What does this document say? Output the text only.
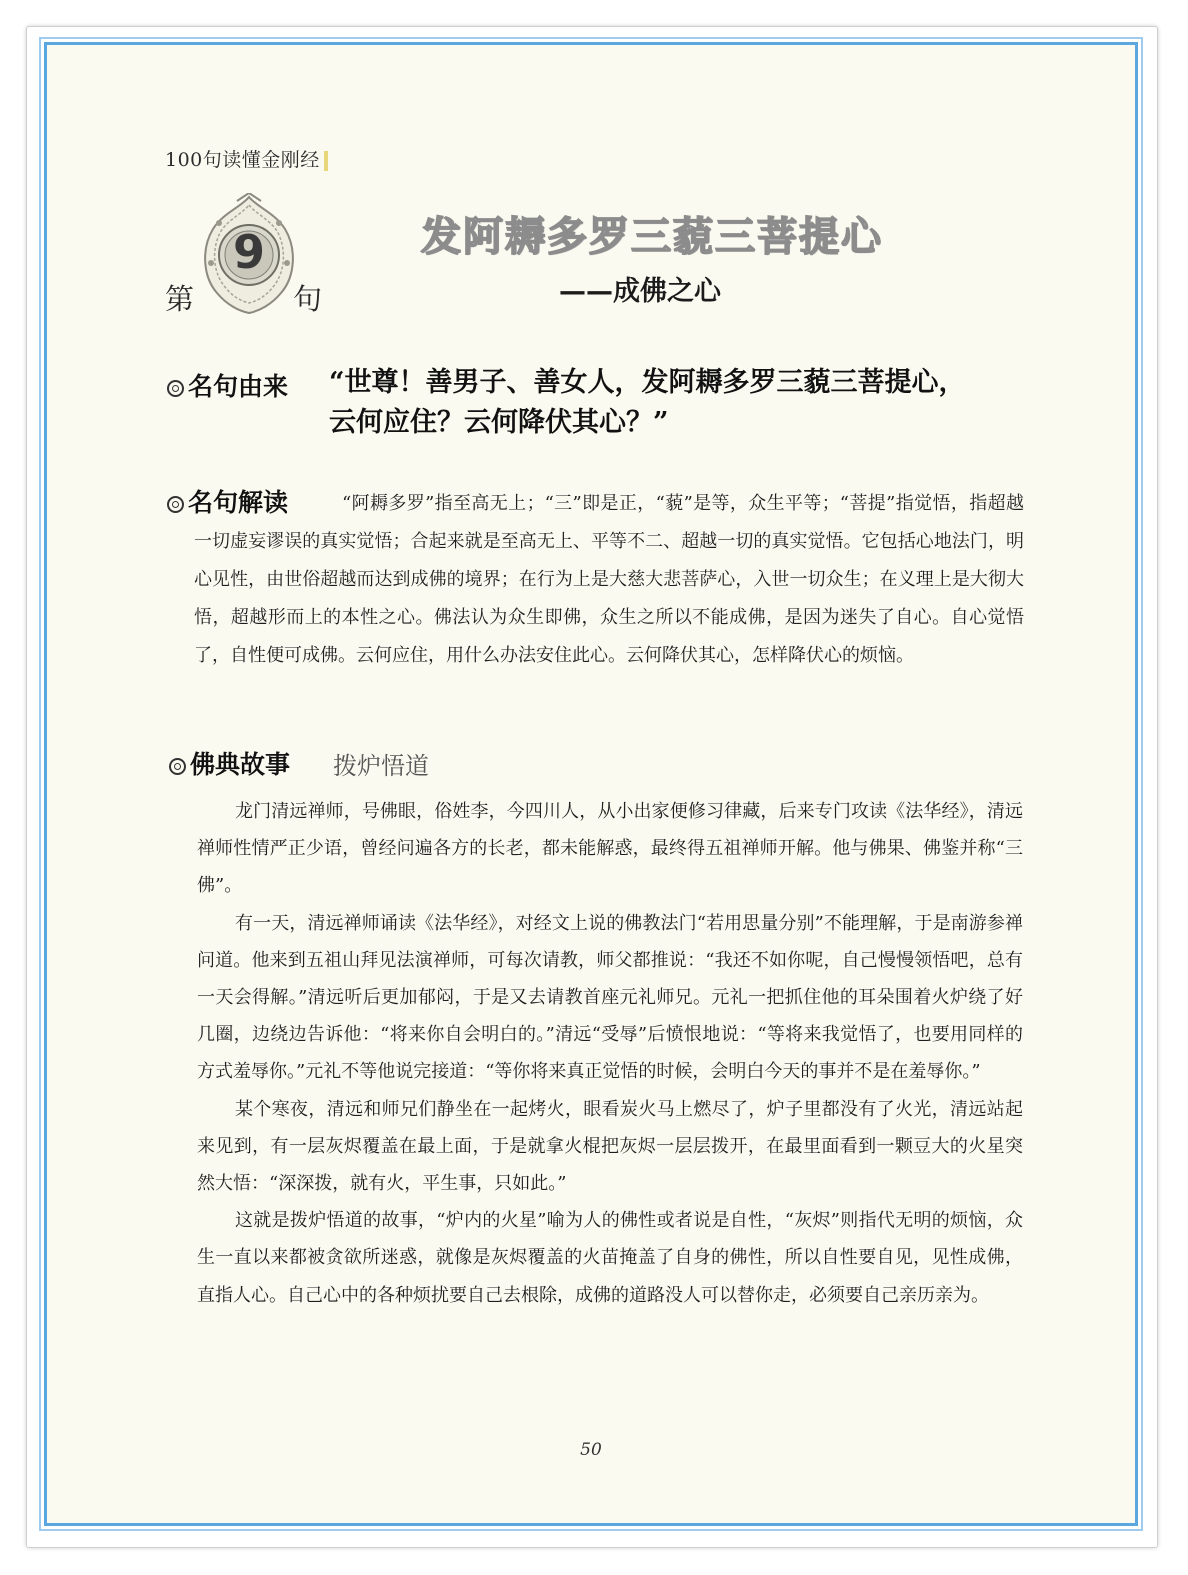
100句读懂金刚经
9
第	句
发阿耨多罗三藐三菩提心
——成佛之心
名句由来 “世尊！善男子、善女人，发阿耨多罗三藐三菩提心，
云何应住？云何降伏其心？”
名句解读	“阿耨多罗”指至高无上；“三”即是正，“藐”是等，众生平等；“菩提”指觉悟，指超越一切虚妄谬误的真实觉悟；合起来就是至高无上、平等不二、超越一切的真实觉悟。它包括心地法门，明心见性，由世俗超越而达到成佛的境界；在行为上是大慈大悲菩萨心，入世一切众生；在义理上是大彻大悟，超越形而上的本性之心。佛法认为众生即佛，众生之所以不能成佛，是因为迷失了自心。自心觉悟了，自性便可成佛。云何应住，用什么办法安住此心。云何降伏其心，怎样降伏心的烦恼。
佛典故事 拨炉悟道

龙门清远禅师，号佛眼，俗姓李，今四川人，从小出家便修习律藏，后来专门攻读《法华经》，清远禅师性情严正少语，曾经问遍各方的长老，都未能解惑，最终得五祖禅师开解。他与佛果、佛鉴并称“三佛”。

有一天，清远禅师诵读《法华经》，对经文上说的佛教法门“若用思量分别”不能理解，于是南游参禅问道。他来到五祖山拜见法演禅师，可每次请教，师父都推说：“我还不如你呢，自己慢慢领悟吧，总有一天会得解。”清远听后更加郁闷，于是又去请教首座元礼师兄。元礼一把抓住他的耳朵围着火炉绕了好几圈，边绕边告诉他：“将来你自会明白的。”清远“受辱”后愤恨地说：“等将来我觉悟了，也要用同样的方式羞辱你。”元礼不等他说完接道：“等你将来真正觉悟的时候，会明白今天的事并不是在羞辱你。”

某个寒夜，清远和师兄们静坐在一起烤火，眼看炭火马上燃尽了，炉子里都没有了火光，清远站起来见到，有一层灰烬覆盖在最上面，于是就拿火棍把灰烬一层层拨开，在最里面看到一颗豆大的火星突然大悟：“深深拨，就有火，平生事，只如此。”

这就是拨炉悟道的故事，“炉内的火星”喻为人的佛性或者说是自性，“灰烬”则指代无明的烦恼，众生一直以来都被贪欲所迷惑，就像是灰烬覆盖的火苗掩盖了自身的佛性，所以自性要自见，见性成佛，直指人心。自己心中的各种烦扰要自己去根除，成佛的道路没人可以替你走，必须要自己亲历亲为。

50
